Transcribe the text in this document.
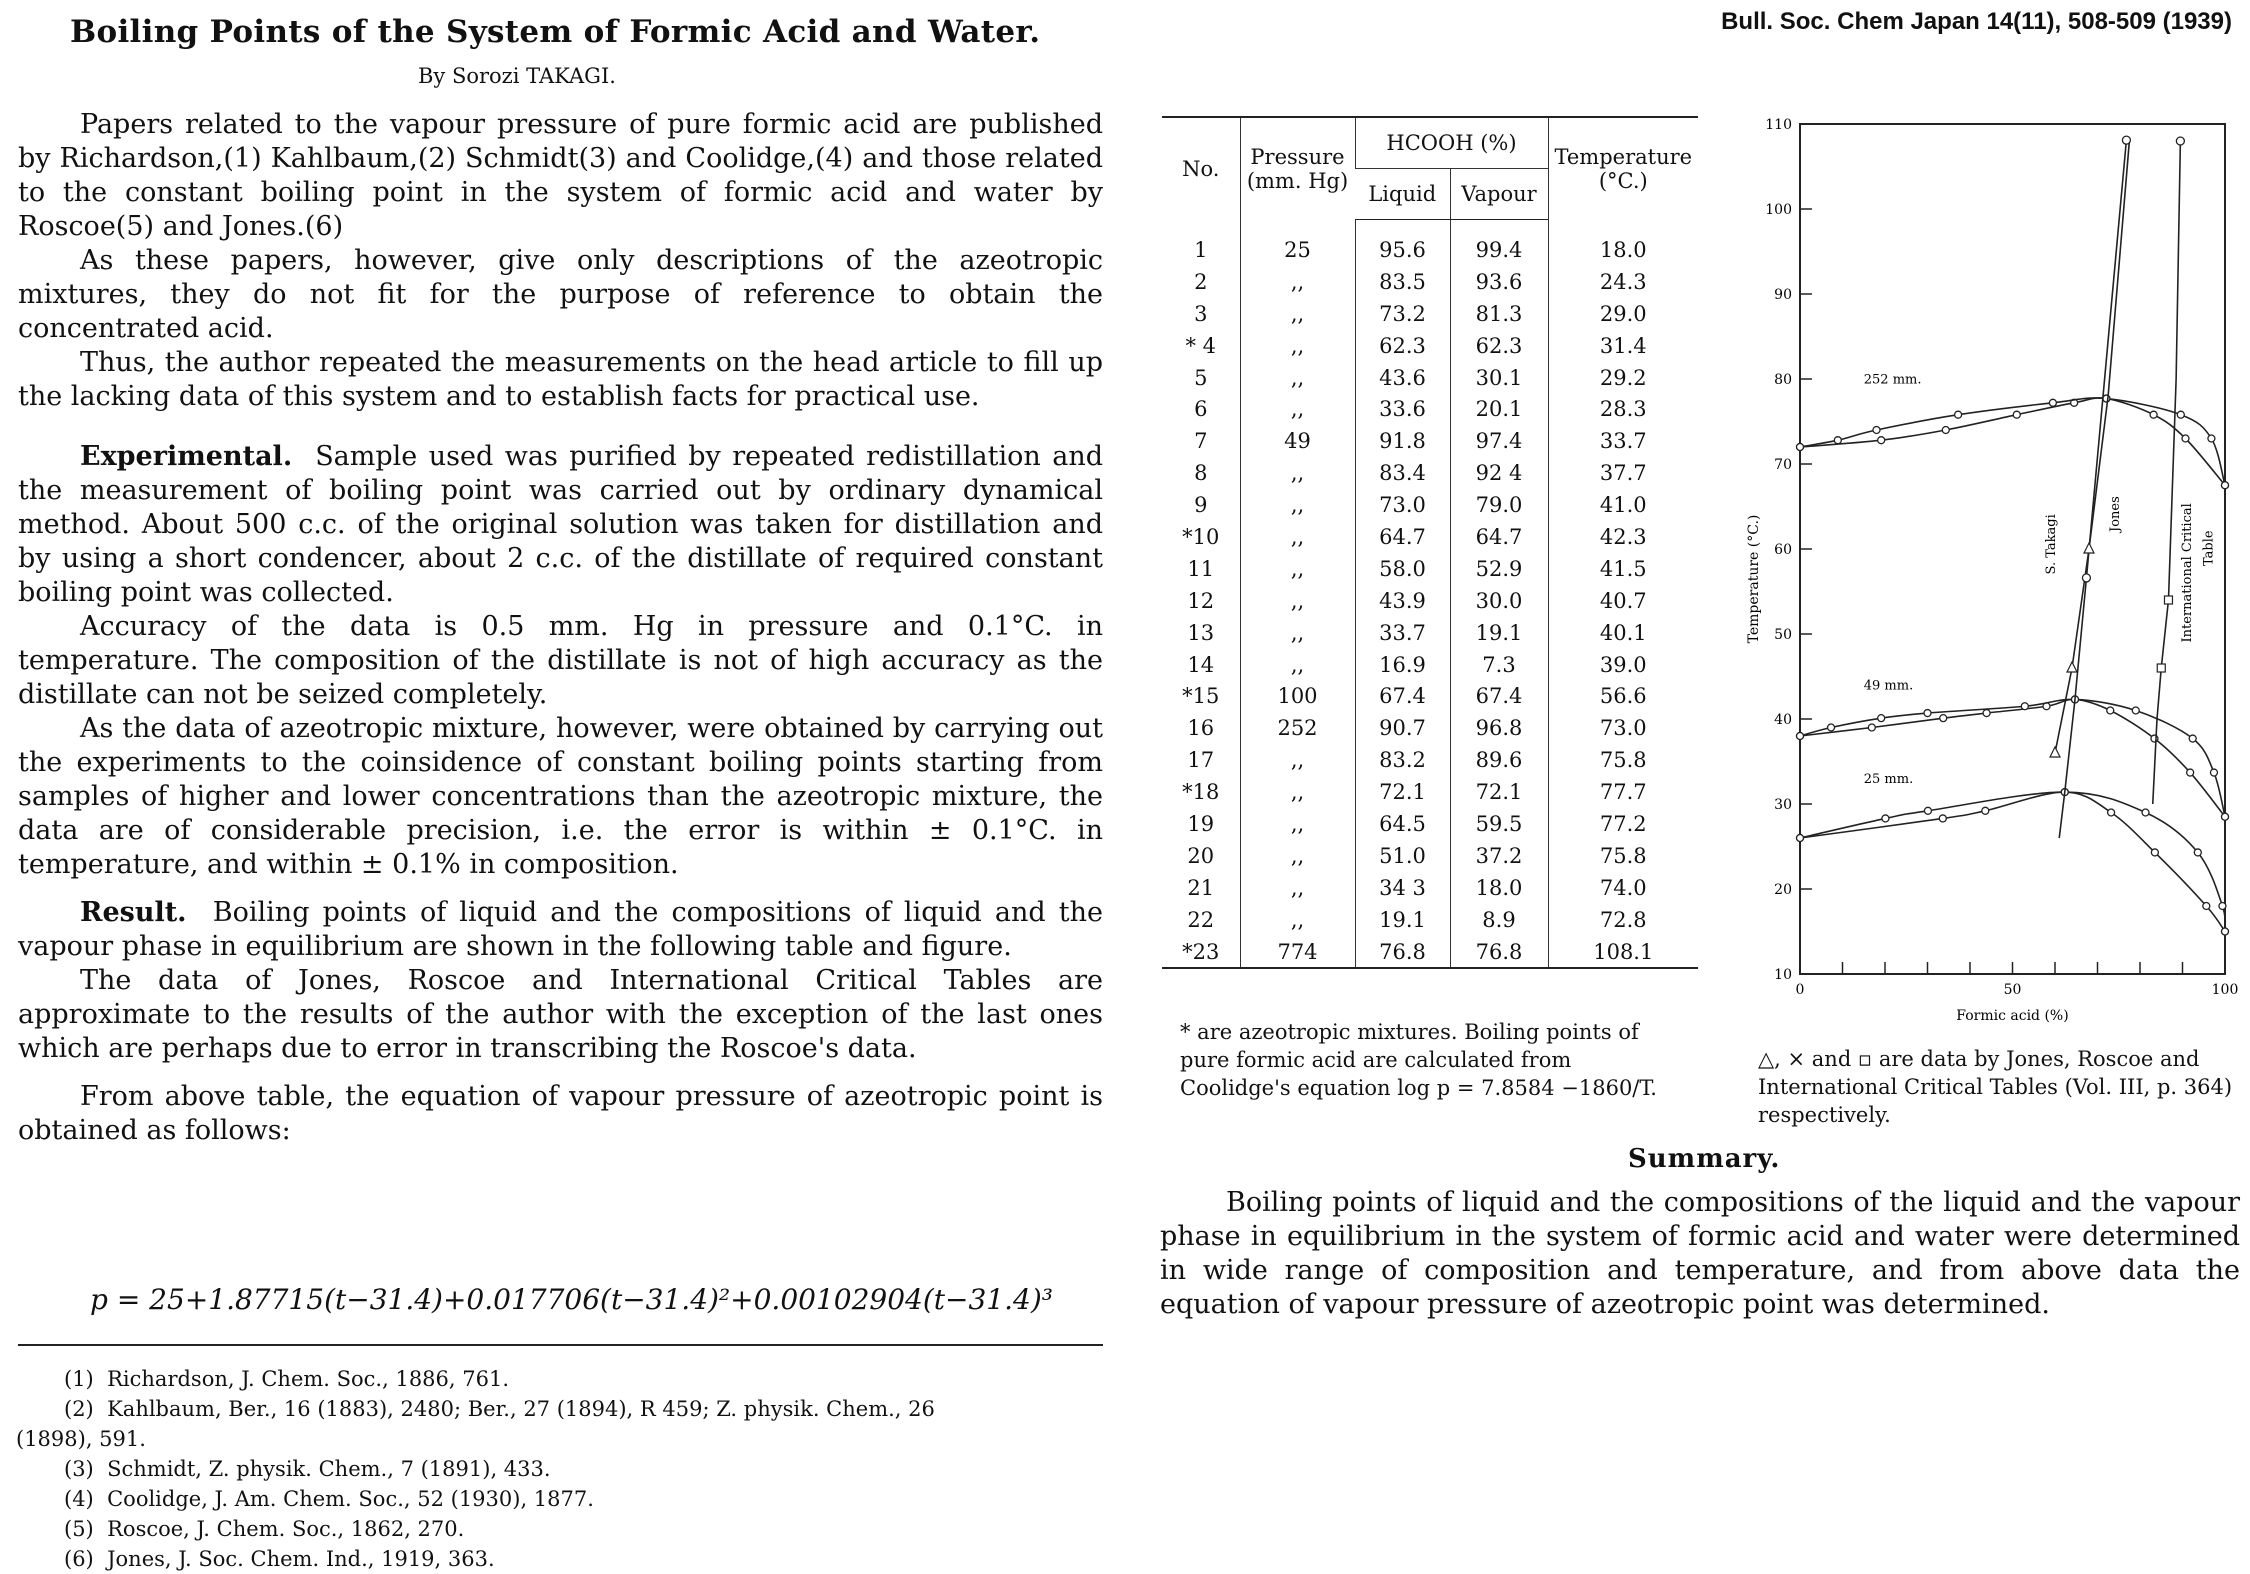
Boiling Points of the System of Formic Acid and Water.	Bull. Soc. Chem Japan 14(11), 508-509 (1939)
By Sorozi TAKAGI.

Papers related to the vapour pressure of pure formic acid are published by Richardson,(1) Kahlbaum,(2) Schmidt(3) and Coolidge,(4) and those related to the constant boiling point in the system of formic acid and water by Roscoe(5) and Jones.(6)

As these papers, however, give only descriptions of the azeotropic mixtures, they do not fit for the purpose of reference to obtain the concentrated acid.

Thus, the author repeated the measurements on the head article to fill up the lacking data of this system and to establish facts for practical use.

Experimental. Sample used was purified by repeated redistillation and the measurement of boiling point was carried out by ordinary dynamical method. About 500 c.c. of the original solution was taken for distillation and by using a short condencer, about 2 c.c. of the distillate of required constant boiling point was collected.

Accuracy of the data is 0.5 mm. Hg in pressure and 0.1°C. in temperature. The composition of the distillate is not of high accuracy as the distillate can not be seized completely.

As the data of azeotropic mixture, however, were obtained by carrying out the experiments to the coinsidence of constant boiling points starting from samples of higher and lower concentrations than the azeotropic mixture, the data are of considerable precision, i.e. the error is within ± 0.1°C. in temperature, and within ± 0.1% in composition.

Result. Boiling points of liquid and the compositions of liquid and the vapour phase in equilibrium are shown in the following table and figure.

The data of Jones, Roscoe and International Critical Tables are approximate to the results of the author with the exception of the last ones which are perhaps due to error in transcribing the Roscoe's data.

From above table, the equation of vapour pressure of azeotropic point is obtained as follows:

p = 25+1.87715(t−31.4)+0.017706(t−31.4)²+0.00102904(t−31.4)³
(1) Richardson, J. Chem. Soc., 1886, 761.
(2) Kahlbaum, Ber., 16 (1883), 2480; Ber., 27 (1894), R 459; Z. physik. Chem., 26
(1898), 591.
(3) Schmidt, Z. physik. Chem., 7 (1891), 433.
(4) Coolidge, J. Am. Chem. Soc., 52 (1930), 1877.
(5) Roscoe, J. Chem. Soc., 1862, 270.
(6) Jones, J. Soc. Chem. Ind., 1919, 363.
No.	Pressure (mm. Hg)	HCOOH (%)		Temperature (°C.)
		Liquid	Vapour	
1	25	95.6	99.4	18.0
2	,,	83.5	93.6	24.3
3	,,	73.2	81.3	29.0
* 4	,,	62.3	62.3	31.4
5	,,	43.6	30.1	29.2
6	,,	33.6	20.1	28.3
7	49	91.8	97.4	33.7
8	,,	83.4	92 4	37.7
9	,,	73.0	79.0	41.0
*10	,,	64.7	64.7	42.3
11	,,	58.0	52.9	41.5
12	,,	43.9	30.0	40.7
13	,,	33.7	19.1	40.1
14	,,	16.9	7.3	39.0
*15	100	67.4	67.4	56.6
16	252	90.7	96.8	73.0
17	,,	83.2	89.6	75.8
*18	,,	72.1	72.1	77.7
19	,,	64.5	59.5	77.2
20	,,	51.0	37.2	75.8
21	,,	34 3	18.0	74.0
22	,,	19.1	8.9	72.8
*23	774	76.8	76.8	108.1
* are azeotropic mixtures. Boiling points of pure formic acid are calculated from Coolidge's equation log p = 7.8584 −1860/T.
10
20
30
40
50
60
70
80
90
100
110
0	50	100
Formic acid (%)
Temperature (°C.)
252 mm.
49 mm.
25 mm.
S. Takagi
Jones	International Critical Table
△, × and ▫ are data by Jones, Roscoe and International Critical Tables (Vol. III, p. 364) respectively.
Summary.

Boiling points of liquid and the compositions of the liquid and the vapour phase in equilibrium in the system of formic acid and water were determined in wide range of composition and temperature, and from above data the equation of vapour pressure of azeotropic point was determined.
